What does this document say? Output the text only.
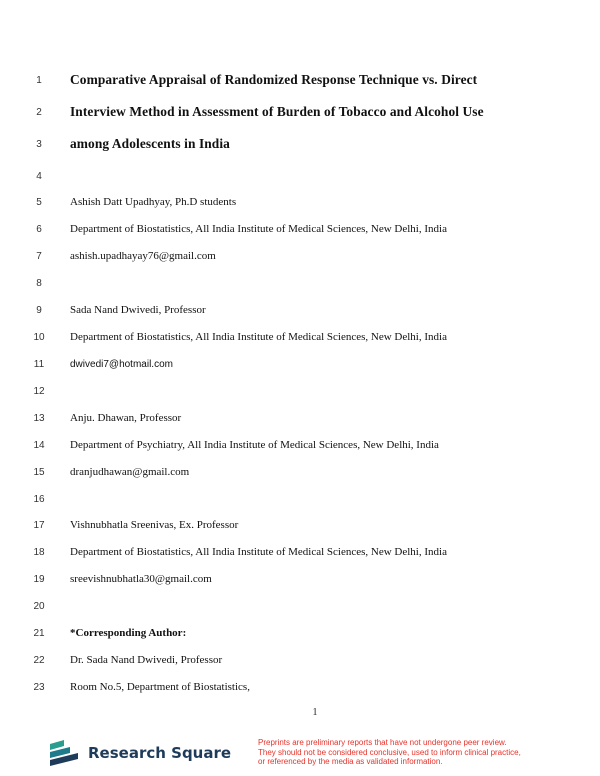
1	Comparative Appraisal of Randomized Response Technique vs. Direct
2	Interview Method in Assessment of Burden of Tobacco and Alcohol Use
3	among Adolescents in India
4
5	Ashish Datt Upadhyay, Ph.D students
6	Department of Biostatistics, All India Institute of Medical Sciences, New Delhi, India
7	ashish.upadhayay76@gmail.com
8
9	Sada Nand Dwivedi, Professor
10	Department of Biostatistics, All India Institute of Medical Sciences, New Delhi, India
11	dwivedi7@hotmail.com
12
13	Anju. Dhawan, Professor
14	Department of Psychiatry, All India Institute of Medical Sciences, New Delhi, India
15	dranjudhawan@gmail.com
16
17	Vishnubhatla Sreenivas, Ex. Professor
18	Department of Biostatistics, All India Institute of Medical Sciences, New Delhi, India
19	sreevishnubhatla30@gmail.com
20
21	*Corresponding Author:
22	Dr. Sada Nand Dwivedi, Professor
23	Room No.5, Department of Biostatistics,
1
Research Square
Preprints are preliminary reports that have not undergone peer review.
They should not be considered conclusive, used to inform clinical practice,
or referenced by the media as validated information.
